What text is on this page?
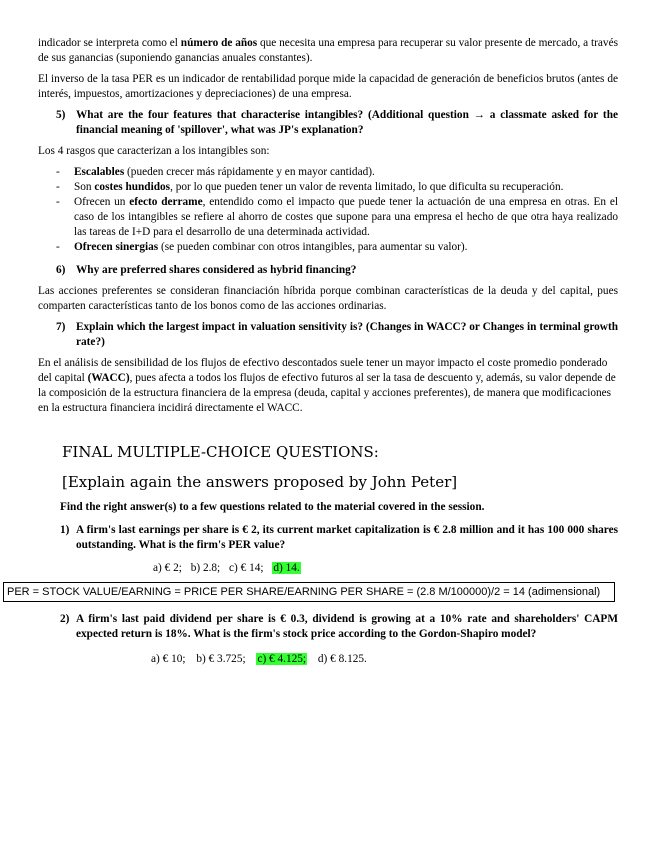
indicador se interpreta como el número de años que necesita una empresa para recuperar su valor presente de mercado, a través de sus ganancias (suponiendo ganancias anuales constantes).

El inverso de la tasa PER es un indicador de rentabilidad porque mide la capacidad de generación de beneficios brutos (antes de interés, impuestos, amortizaciones y depreciaciones) de una empresa.

5) What are the four features that characterise intangibles? (Additional question → a classmate asked for the financial meaning of 'spillover', what was JP's explanation?

Los 4 rasgos que caracterizan a los intangibles son:

-	Escalables (pueden crecer más rápidamente y en mayor cantidad).
-	Son costes hundidos, por lo que pueden tener un valor de reventa limitado, lo que dificulta su recuperación.
-	Ofrecen un efecto derrame, entendido como el impacto que puede tener la actuación de una empresa en otras. En el caso de los intangibles se refiere al ahorro de costes que supone para una empresa el hecho de que otra haya realizado las tareas de I+D para el desarrollo de una determinada actividad.
-	Ofrecen sinergias (se pueden combinar con otros intangibles, para aumentar su valor).
6) Why are preferred shares considered as hybrid financing?

Las acciones preferentes se consideran financiación híbrida porque combinan características de la deuda y del capital, pues comparten características tanto de los bonos como de las acciones ordinarias.

7) Explain which the largest impact in valuation sensitivity is? (Changes in WACC? or Changes in terminal growth rate?)

En el análisis de sensibilidad de los flujos de efectivo descontados suele tener un mayor impacto el coste promedio ponderado del capital (WACC), pues afecta a todos los flujos de efectivo futuros al ser la tasa de descuento y, además, su valor depende de la composición de la estructura financiera de la empresa (deuda, capital y acciones preferentes), de manera que modificaciones en la estructura financiera incidirá directamente el WACC.

FINAL MULTIPLE-CHOICE QUESTIONS:
[Explain again the answers proposed by John Peter]
Find the right answer(s) to a few questions related to the material covered in the session.
1) A firm's last earnings per share is € 2, its current market capitalization is € 2.8 million and it has 100 000 shares outstanding. What is the firm's PER value?
a) € 2; b) 2.8; c) € 14; d) 14.
PER = STOCK VALUE/EARNING = PRICE PER SHARE/EARNING PER SHARE = (2.8 M/100000)/2 = 14 (adimensional)
2) A firm's last paid dividend per share is € 0.3, dividend is growing at a 10% rate and shareholders' CAPM expected return is 18%. What is the firm's stock price according to the Gordon-Shapiro model?
a) € 10; b) € 3.725; c) € 4.125; d) € 8.125.
